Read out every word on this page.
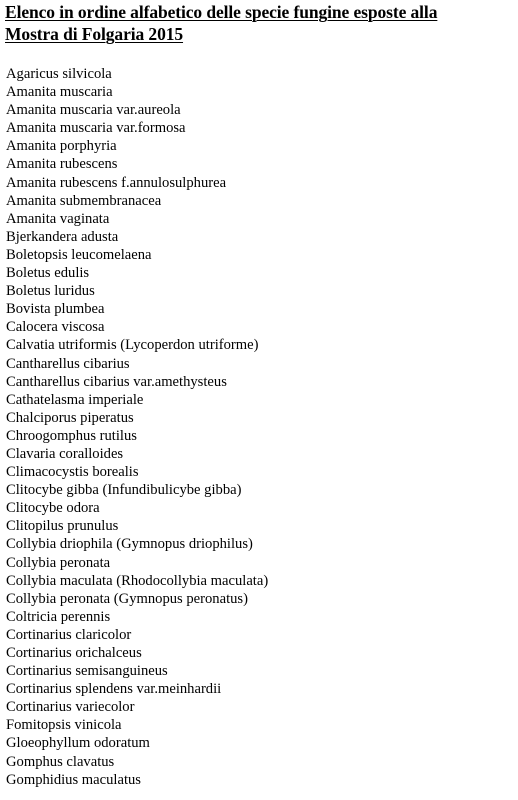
Elenco in ordine alfabetico delle specie fungine esposte alla
Mostra di Folgaria 2015
Agaricus silvicola
Amanita muscaria
Amanita muscaria var.aureola
Amanita muscaria var.formosa
Amanita porphyria
Amanita rubescens
Amanita rubescens f.annulosulphurea
Amanita submembranacea
Amanita vaginata
Bjerkandera adusta
Boletopsis leucomelaena
Boletus edulis
Boletus luridus
Bovista plumbea
Calocera viscosa
Calvatia utriformis (Lycoperdon utriforme)
Cantharellus cibarius
Cantharellus cibarius var.amethysteus
Cathatelasma imperiale
Chalciporus piperatus
Chroogomphus rutilus
Clavaria coralloides
Climacocystis borealis
Clitocybe gibba (Infundibulicybe gibba)
Clitocybe odora
Clitopilus prunulus
Collybia driophila (Gymnopus driophilus)
Collybia peronata
Collybia maculata (Rhodocollybia maculata)
Collybia peronata (Gymnopus peronatus)
Coltricia perennis
Cortinarius claricolor
Cortinarius orichalceus
Cortinarius semisanguineus
Cortinarius splendens var.meinhardii
Cortinarius variecolor
Fomitopsis vinicola
Gloeophyllum odoratum
Gomphus clavatus
Gomphidius maculatus
